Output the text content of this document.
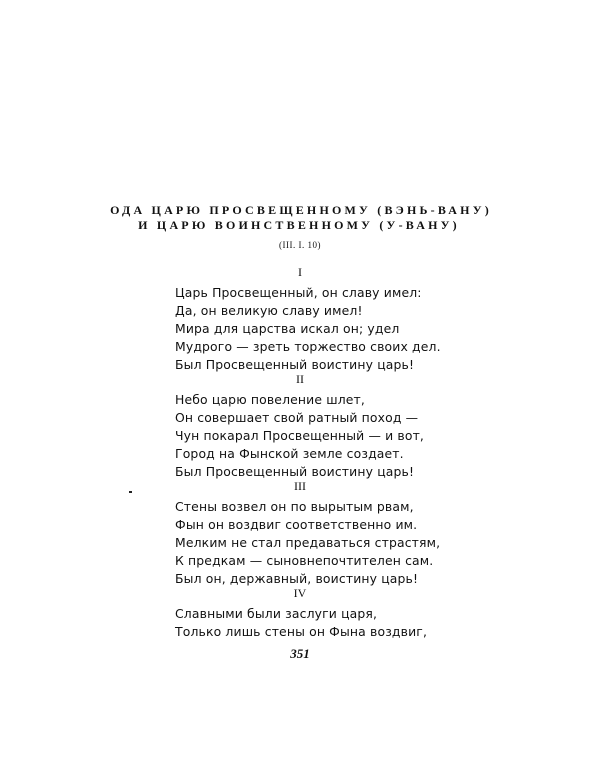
ОДА ЦАРЮ ПРОСВЕЩЕННОМУ (ВЭНЬ-ВАНУ)
И ЦАРЮ ВОИНСТВЕННОМУ (У-ВАНУ)
(III. I. 10)
I
Царь Просвещенный, он славу имел:
Да, он великую славу имел!
Мира для царства искал он; удел
Мудрого — зреть торжество своих дел.
Был Просвещенный воистину царь!
II
Небо царю повеление шлет,
Он совершает свой ратный поход —
Чун покарал Просвещенный — и вот,
Город на Фынской земле создает.
Был Просвещенный воистину царь!
III
Стены возвел он по вырытым рвам,
Фын он воздвиг соответственно им.
Мелким не стал предаваться страстям,
К предкам — сыновнепочтителен сам.
Был он, державный, воистину царь!
IV
Славными были заслуги царя,
Только лишь стены он Фына воздвиг,
351
